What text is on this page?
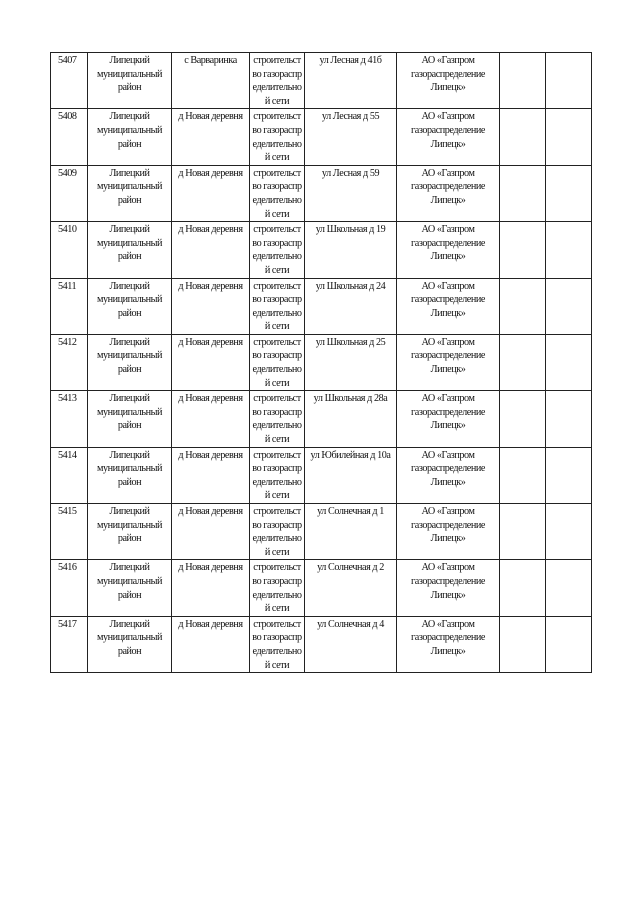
5407	Липецкий муниципальный район	с Варваринка	строительство газораспределительной сети	ул Лесная д 41б	АО «Газпром газораспределение Липецк»		
5408	Липецкий муниципальный район	д Новая деревня	строительство газораспределительной сети	ул Лесная д 55	АО «Газпром газораспределение Липецк»		
5409	Липецкий муниципальный район	д Новая деревня	строительство газораспределительной сети	ул Лесная д 59	АО «Газпром газораспределение Липецк»		
5410	Липецкий муниципальный район	д Новая деревня	строительство газораспределительной сети	ул Школьная д 19	АО «Газпром газораспределение Липецк»		
5411	Липецкий муниципальный район	д Новая деревня	строительство газораспределительной сети	ул Школьная д 24	АО «Газпром газораспределение Липецк»		
5412	Липецкий муниципальный район	д Новая деревня	строительство газораспределительной сети	ул Школьная д 25	АО «Газпром газораспределение Липецк»		
5413	Липецкий муниципальный район	д Новая деревня	строительство газораспределительной сети	ул Школьная д 28а	АО «Газпром газораспределение Липецк»		
5414	Липецкий муниципальный район	д Новая деревня	строительство газораспределительной сети	ул Юбилейная д 10а	АО «Газпром газораспределение Липецк»		
5415	Липецкий муниципальный район	д Новая деревня	строительство газораспределительной сети	ул Солнечная д 1	АО «Газпром газораспределение Липецк»		
5416	Липецкий муниципальный район	д Новая деревня	строительство газораспределительной сети	ул Солнечная д 2	АО «Газпром газораспределение Липецк»		
5417	Липецкий муниципальный район	д Новая деревня	строительство газораспределительной сети	ул Солнечная д 4	АО «Газпром газораспределение Липецк»		
